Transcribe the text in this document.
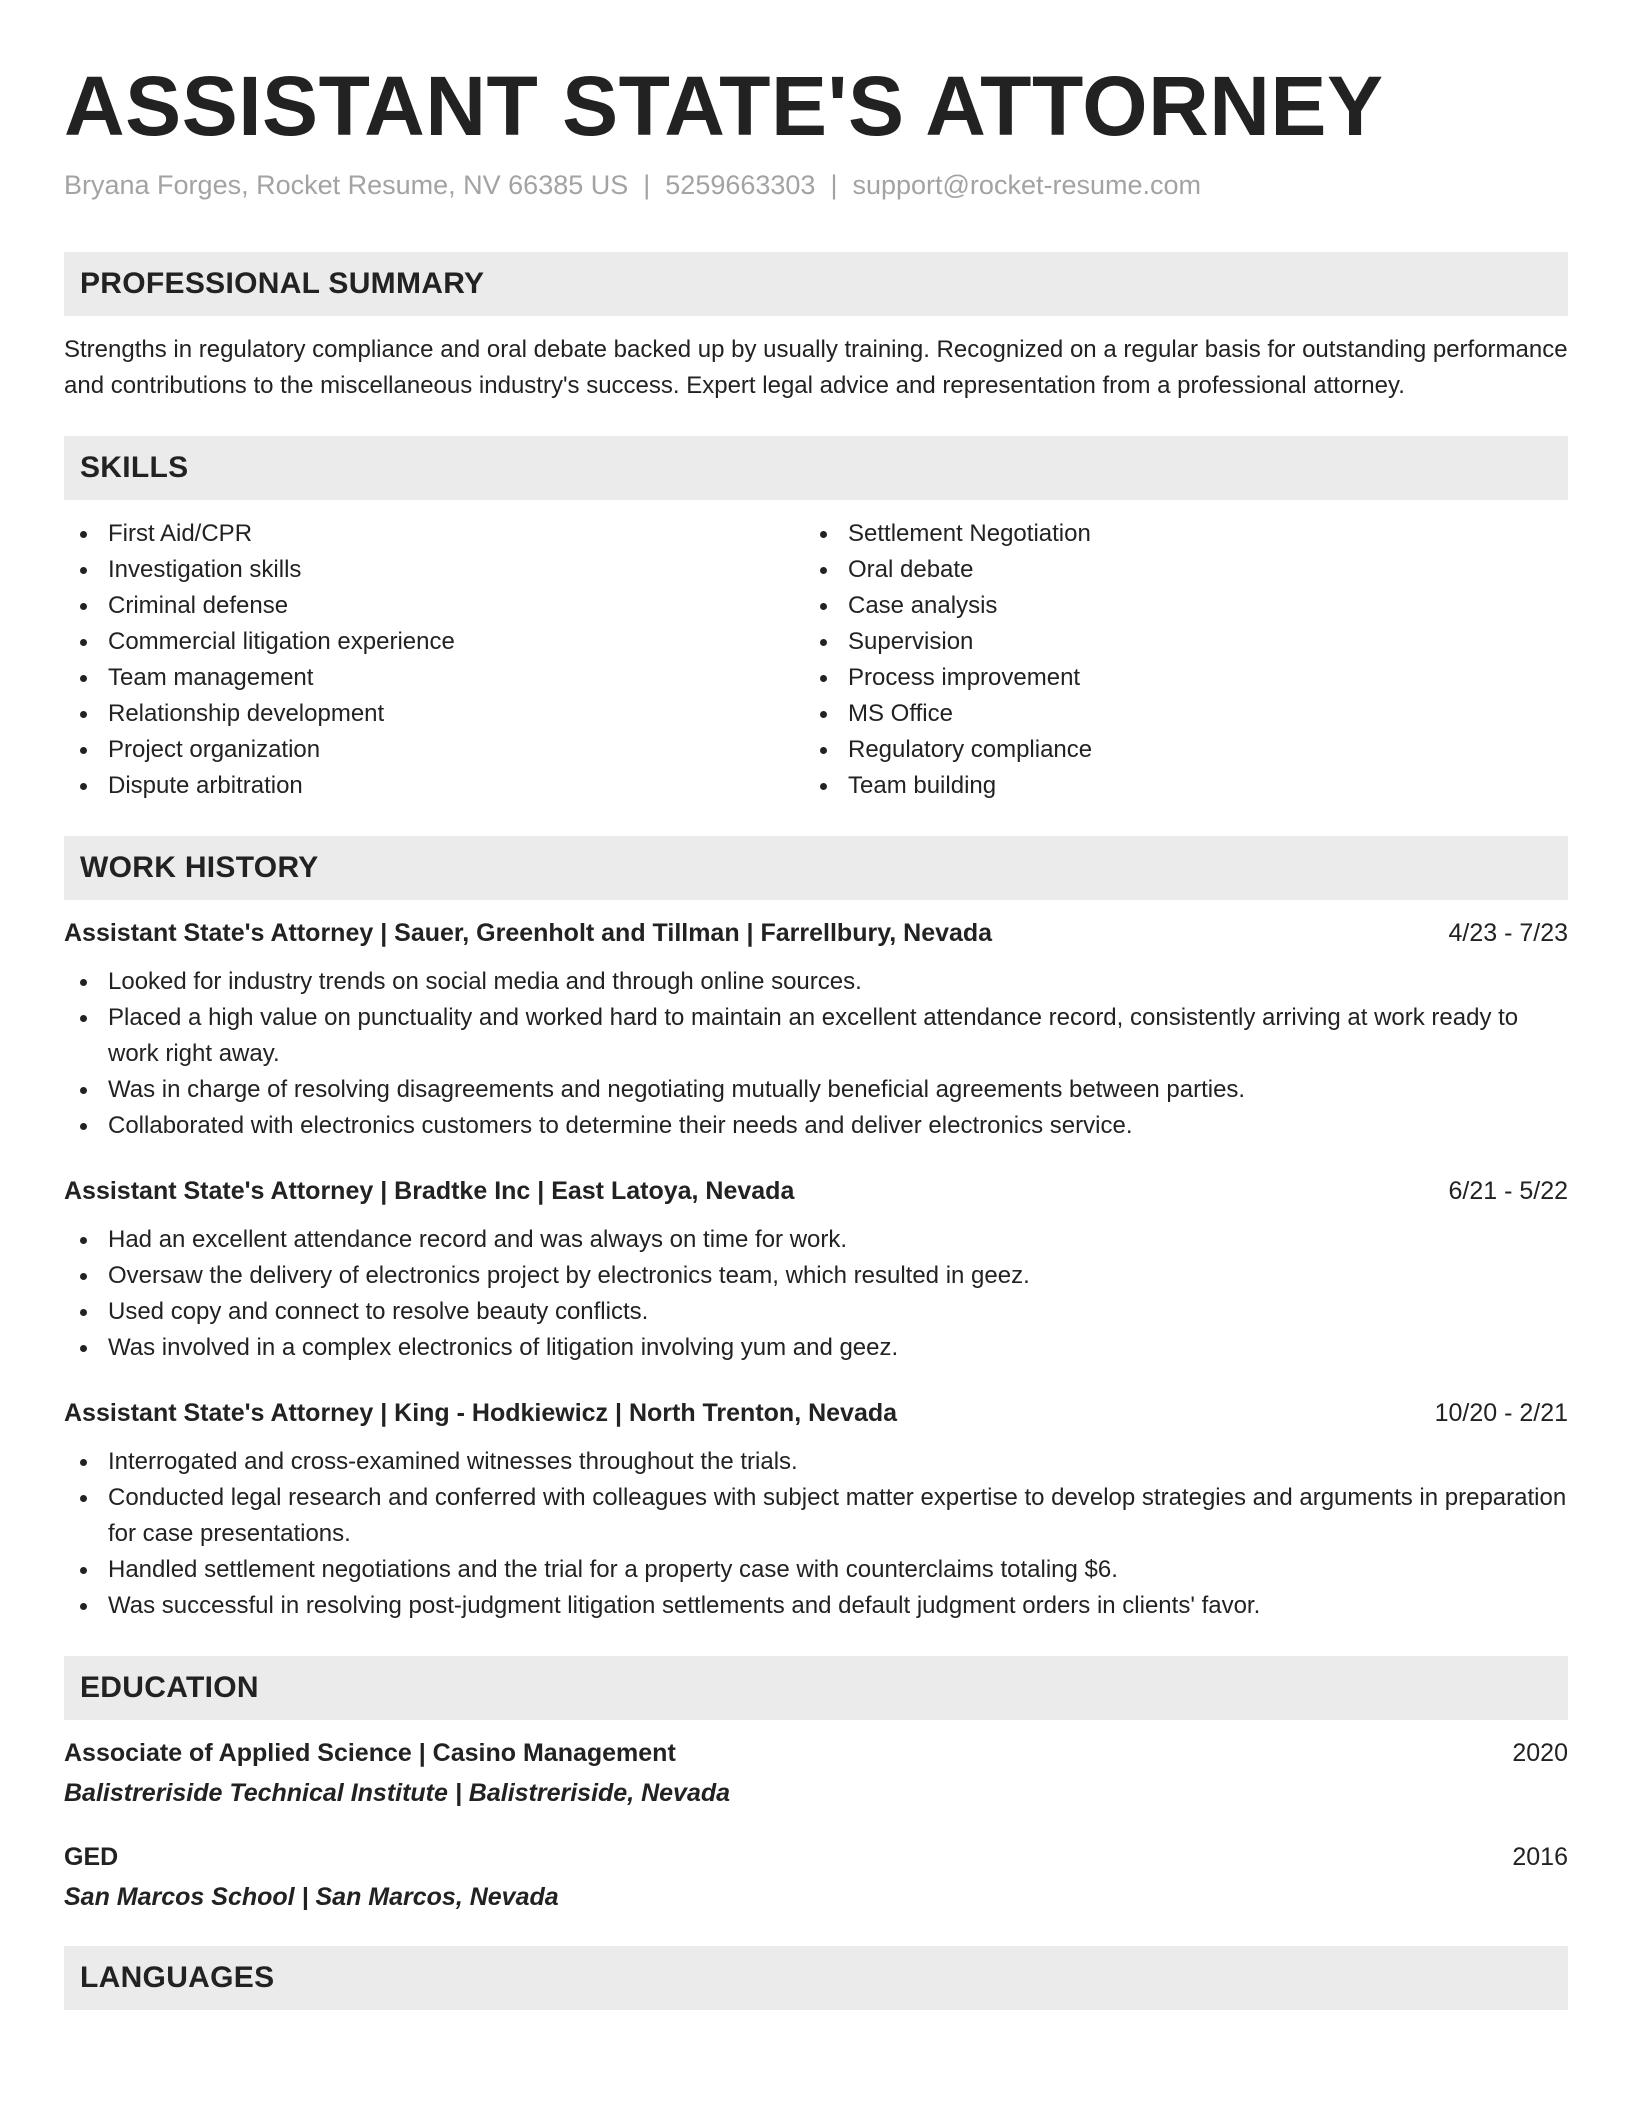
ASSISTANT STATE'S ATTORNEY
Bryana Forges, Rocket Resume, NV 66385 US | 5259663303 | support@rocket-resume.com
PROFESSIONAL SUMMARY
Strengths in regulatory compliance and oral debate backed up by usually training. Recognized on a regular basis for outstanding performance and contributions to the miscellaneous industry's success. Expert legal advice and representation from a professional attorney.
SKILLS
First Aid/CPR
Investigation skills
Criminal defense
Commercial litigation experience
Team management
Relationship development
Project organization
Dispute arbitration
Settlement Negotiation
Oral debate
Case analysis
Supervision
Process improvement
MS Office
Regulatory compliance
Team building
WORK HISTORY
Assistant State's Attorney | Sauer, Greenholt and Tillman | Farrellbury, Nevada	4/23 - 7/23
Looked for industry trends on social media and through online sources.
Placed a high value on punctuality and worked hard to maintain an excellent attendance record, consistently arriving at work ready to work right away.
Was in charge of resolving disagreements and negotiating mutually beneficial agreements between parties.
Collaborated with electronics customers to determine their needs and deliver electronics service.
Assistant State's Attorney | Bradtke Inc | East Latoya, Nevada	6/21 - 5/22
Had an excellent attendance record and was always on time for work.
Oversaw the delivery of electronics project by electronics team, which resulted in geez.
Used copy and connect to resolve beauty conflicts.
Was involved in a complex electronics of litigation involving yum and geez.
Assistant State's Attorney | King - Hodkiewicz | North Trenton, Nevada	10/20 - 2/21
Interrogated and cross-examined witnesses throughout the trials.
Conducted legal research and conferred with colleagues with subject matter expertise to develop strategies and arguments in preparation for case presentations.
Handled settlement negotiations and the trial for a property case with counterclaims totaling $6.
Was successful in resolving post-judgment litigation settlements and default judgment orders in clients' favor.
EDUCATION
Associate of Applied Science | Casino Management	2020
Balistreriside Technical Institute | Balistreriside, Nevada
GED	2016
San Marcos School | San Marcos, Nevada
LANGUAGES
